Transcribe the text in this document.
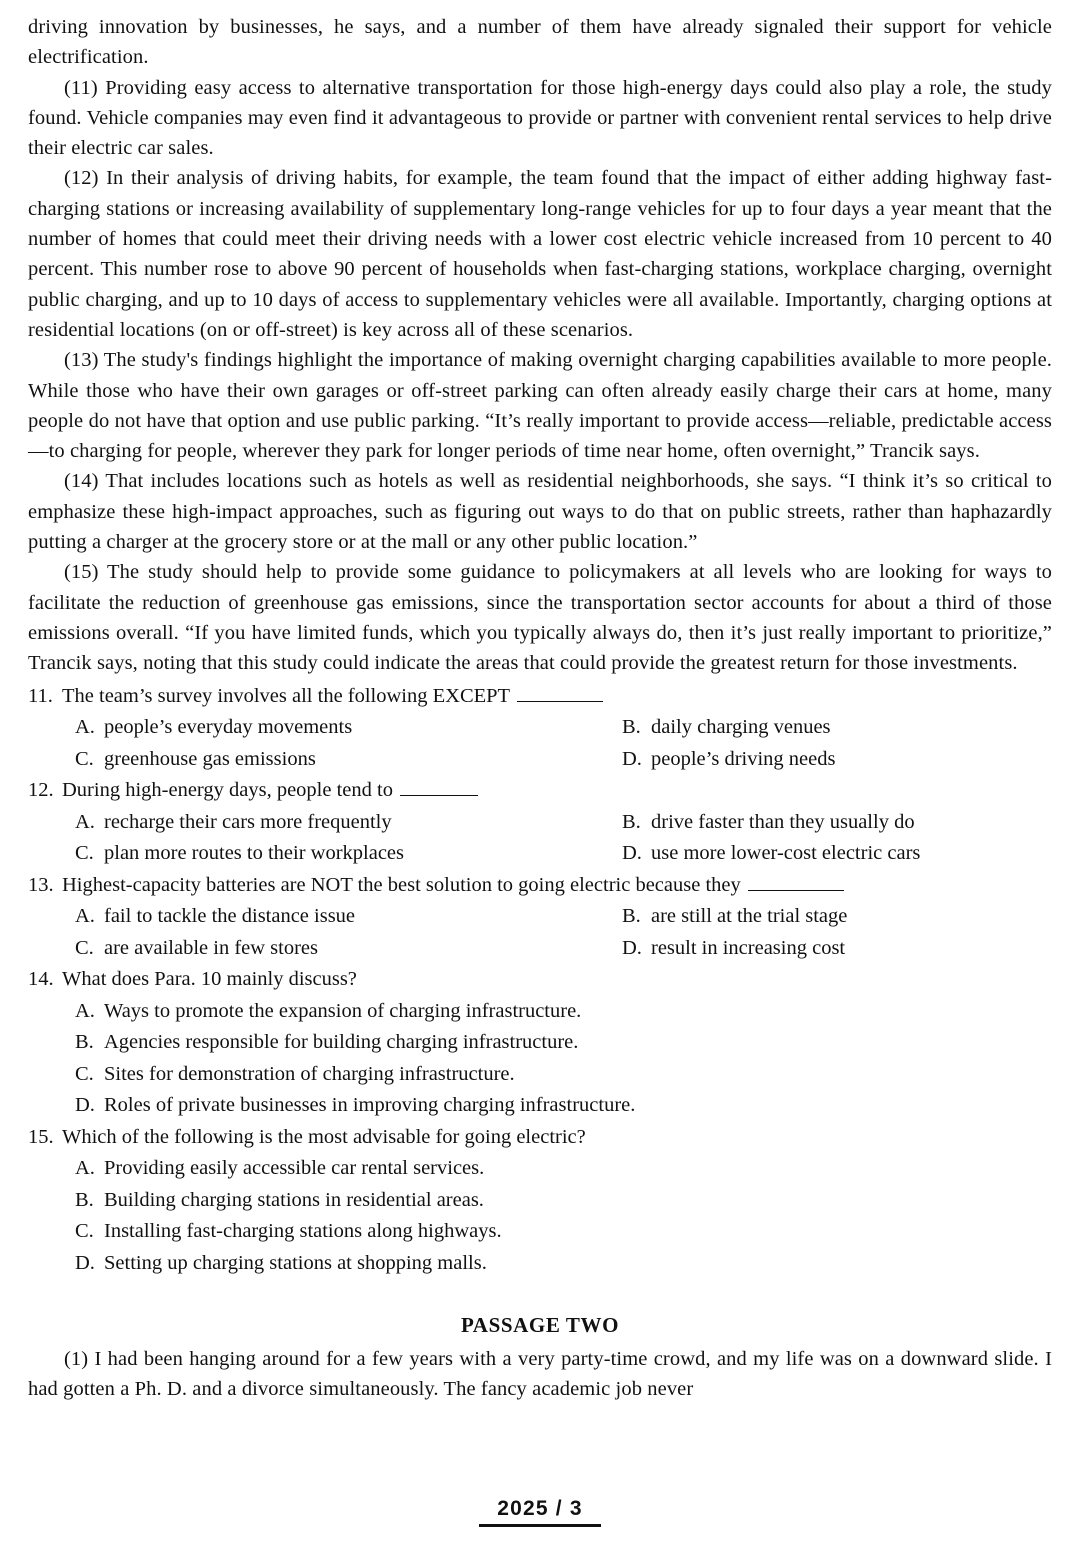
driving innovation by businesses, he says, and a number of them have already signaled their support for vehicle electrification.

(11) Providing easy access to alternative transportation for those high-energy days could also play a role, the study found. Vehicle companies may even find it advantageous to provide or partner with convenient rental services to help drive their electric car sales.

(12) In their analysis of driving habits, for example, the team found that the impact of either adding highway fast-charging stations or increasing availability of supplementary long-range vehicles for up to four days a year meant that the number of homes that could meet their driving needs with a lower cost electric vehicle increased from 10 percent to 40 percent. This number rose to above 90 percent of households when fast-charging stations, workplace charging, overnight public charging, and up to 10 days of access to supplementary vehicles were all available. Importantly, charging options at residential locations (on or off-street) is key across all of these scenarios.

(13) The study's findings highlight the importance of making overnight charging capabilities available to more people. While those who have their own garages or off-street parking can often already easily charge their cars at home, many people do not have that option and use public parking. “It’s really important to provide access—reliable, predictable access—to charging for people, wherever they park for longer periods of time near home, often overnight,” Trancik says.

(14) That includes locations such as hotels as well as residential neighborhoods, she says. “I think it’s so critical to emphasize these high-impact approaches, such as figuring out ways to do that on public streets, rather than haphazardly putting a charger at the grocery store or at the mall or any other public location.”

(15) The study should help to provide some guidance to policymakers at all levels who are looking for ways to facilitate the reduction of greenhouse gas emissions, since the transportation sector accounts for about a third of those emissions overall. “If you have limited funds, which you typically always do, then it’s just really important to prioritize,” Trancik says, noting that this study could indicate the areas that could provide the greatest return for those investments.

11. The team’s survey involves all the following EXCEPT
A. people’s everyday movements	B. daily charging venues
C. greenhouse gas emissions	D. people’s driving needs
12. During high-energy days, people tend to
A. recharge their cars more frequently	B. drive faster than they usually do
C. plan more routes to their workplaces	D. use more lower-cost electric cars
13. Highest-capacity batteries are NOT the best solution to going electric because they
A. fail to tackle the distance issue	B. are still at the trial stage
C. are available in few stores	D. result in increasing cost
14. What does Para. 10 mainly discuss?
A. Ways to promote the expansion of charging infrastructure.
B. Agencies responsible for building charging infrastructure.
C. Sites for demonstration of charging infrastructure.
D. Roles of private businesses in improving charging infrastructure.
15. Which of the following is the most advisable for going electric?
A. Providing easily accessible car rental services.
B. Building charging stations in residential areas.
C. Installing fast-charging stations along highways.
D. Setting up charging stations at shopping malls.
PASSAGE TWO

(1) I had been hanging around for a few years with a very party-time crowd, and my life was on a downward slide. I had gotten a Ph. D. and a divorce simultaneously. The fancy academic job never

2025 / 3
